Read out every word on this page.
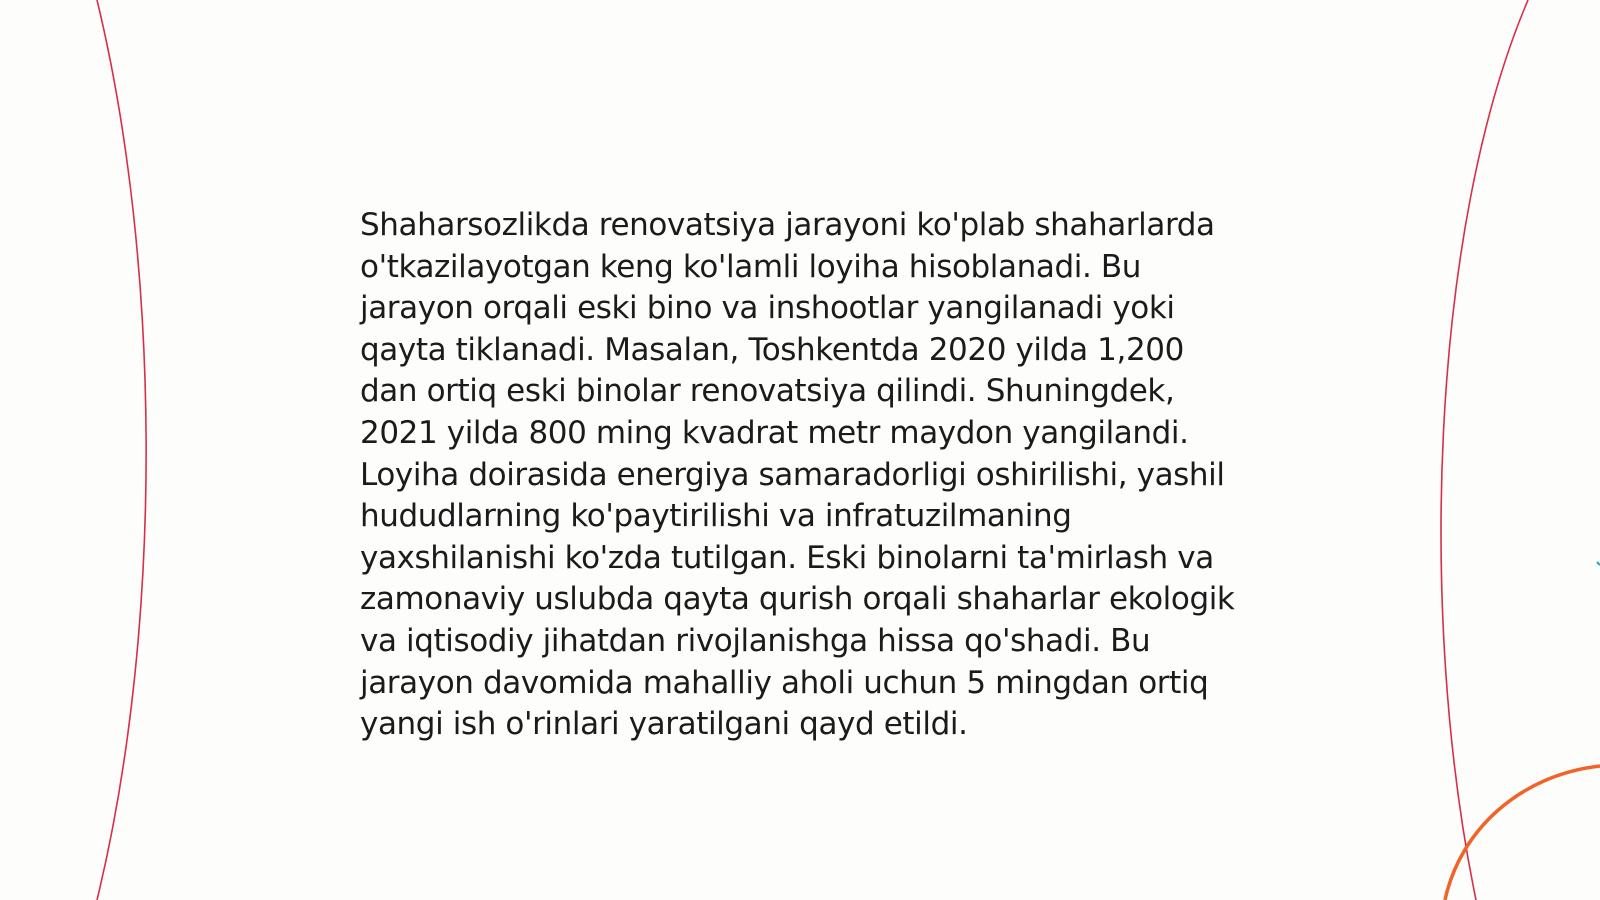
Shaharsozlikda renovatsiya jarayoni ko'plab shaharlarda o'tkazilayotgan keng ko'lamli loyiha hisoblanadi. Bu jarayon orqali eski bino va inshootlar yangilanadi yoki qayta tiklanadi. Masalan, Toshkentda 2020 yilda 1,200 dan ortiq eski binolar renovatsiya qilindi. Shuningdek, 2021 yilda 800 ming kvadrat metr maydon yangilandi. Loyiha doirasida energiya samaradorligi oshirilishi, yashil hududlarning ko'paytirilishi va infratuzilmaning yaxshilanishi ko'zda tutilgan. Eski binolarni ta'mirlash va zamonaviy uslubda qayta qurish orqali shaharlar ekologik va iqtisodiy jihatdan rivojlanishga hissa qo'shadi. Bu jarayon davomida mahalliy aholi uchun 5 mingdan ortiq yangi ish o'rinlari yaratilgani qayd etildi.
